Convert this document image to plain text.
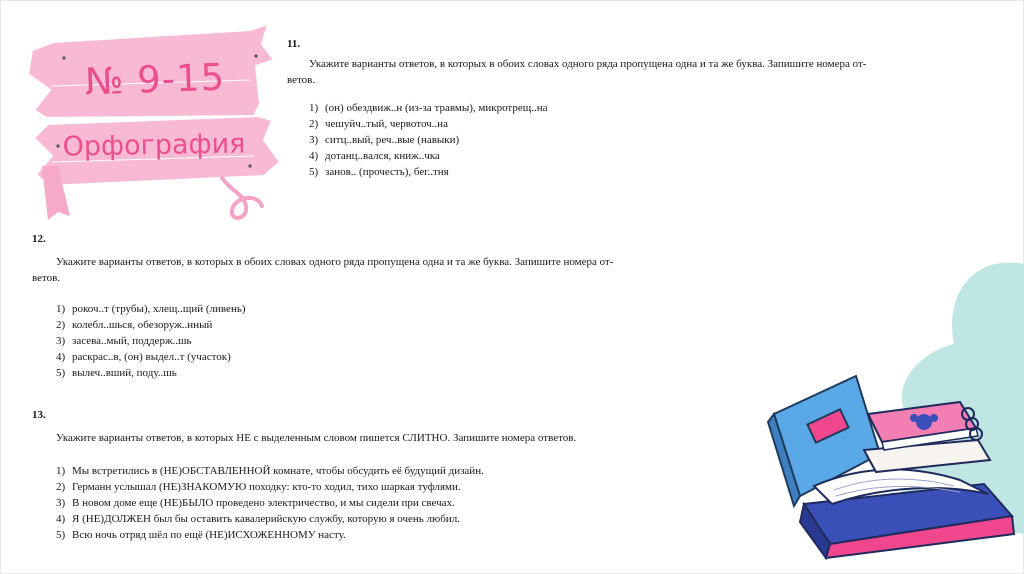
№ 9-15
Орфография
11.
Укажите варианты ответов, в которых в обоих словах одного ряда пропущена одна и та же буква. Запишите номера от-
ветов.
1) (он) обездвиж..н (из-за травмы), микротрещ..на
2) чешуйч..тый, червоточ..на
3) ситц..вый, реч..вые (навыки)
4) дотанц..вался, книж..чка
5) занов.. (прочесть), бег..тня
12.
Укажите варианты ответов, в которых в обоих словах одного ряда пропущена одна и та же буква. Запишите номера от-
ветов.
1) рокоч..т (трубы), хлещ..щий (ливень)
2) колебл..шься, обезоруж..нный
3) засева..мый, поддерж..шь
4) раскрас..в, (он) выдел..т (участок)
5) вылеч..вший, поду..шь
13.
Укажите варианты ответов, в которых НЕ с выделенным словом пишется СЛИТНО. Запишите номера ответов.
1) Мы встретились в (НЕ)ОБСТАВЛЕННОЙ комнате, чтобы обсудить её будущий дизайн.
2) Германн услышал (НЕ)ЗНАКОМУЮ походку: кто-то ходил, тихо шаркая туфлями.
3) В новом доме еще (НЕ)БЫЛО проведено электричество, и мы сидели при свечах.
4) Я (НЕ)ДОЛЖЕН был бы оставить кавалерийскую службу, которую я очень любил.
5) Всю ночь отряд шёл по ещё (НЕ)ИСХОЖЕННОМУ насту.
